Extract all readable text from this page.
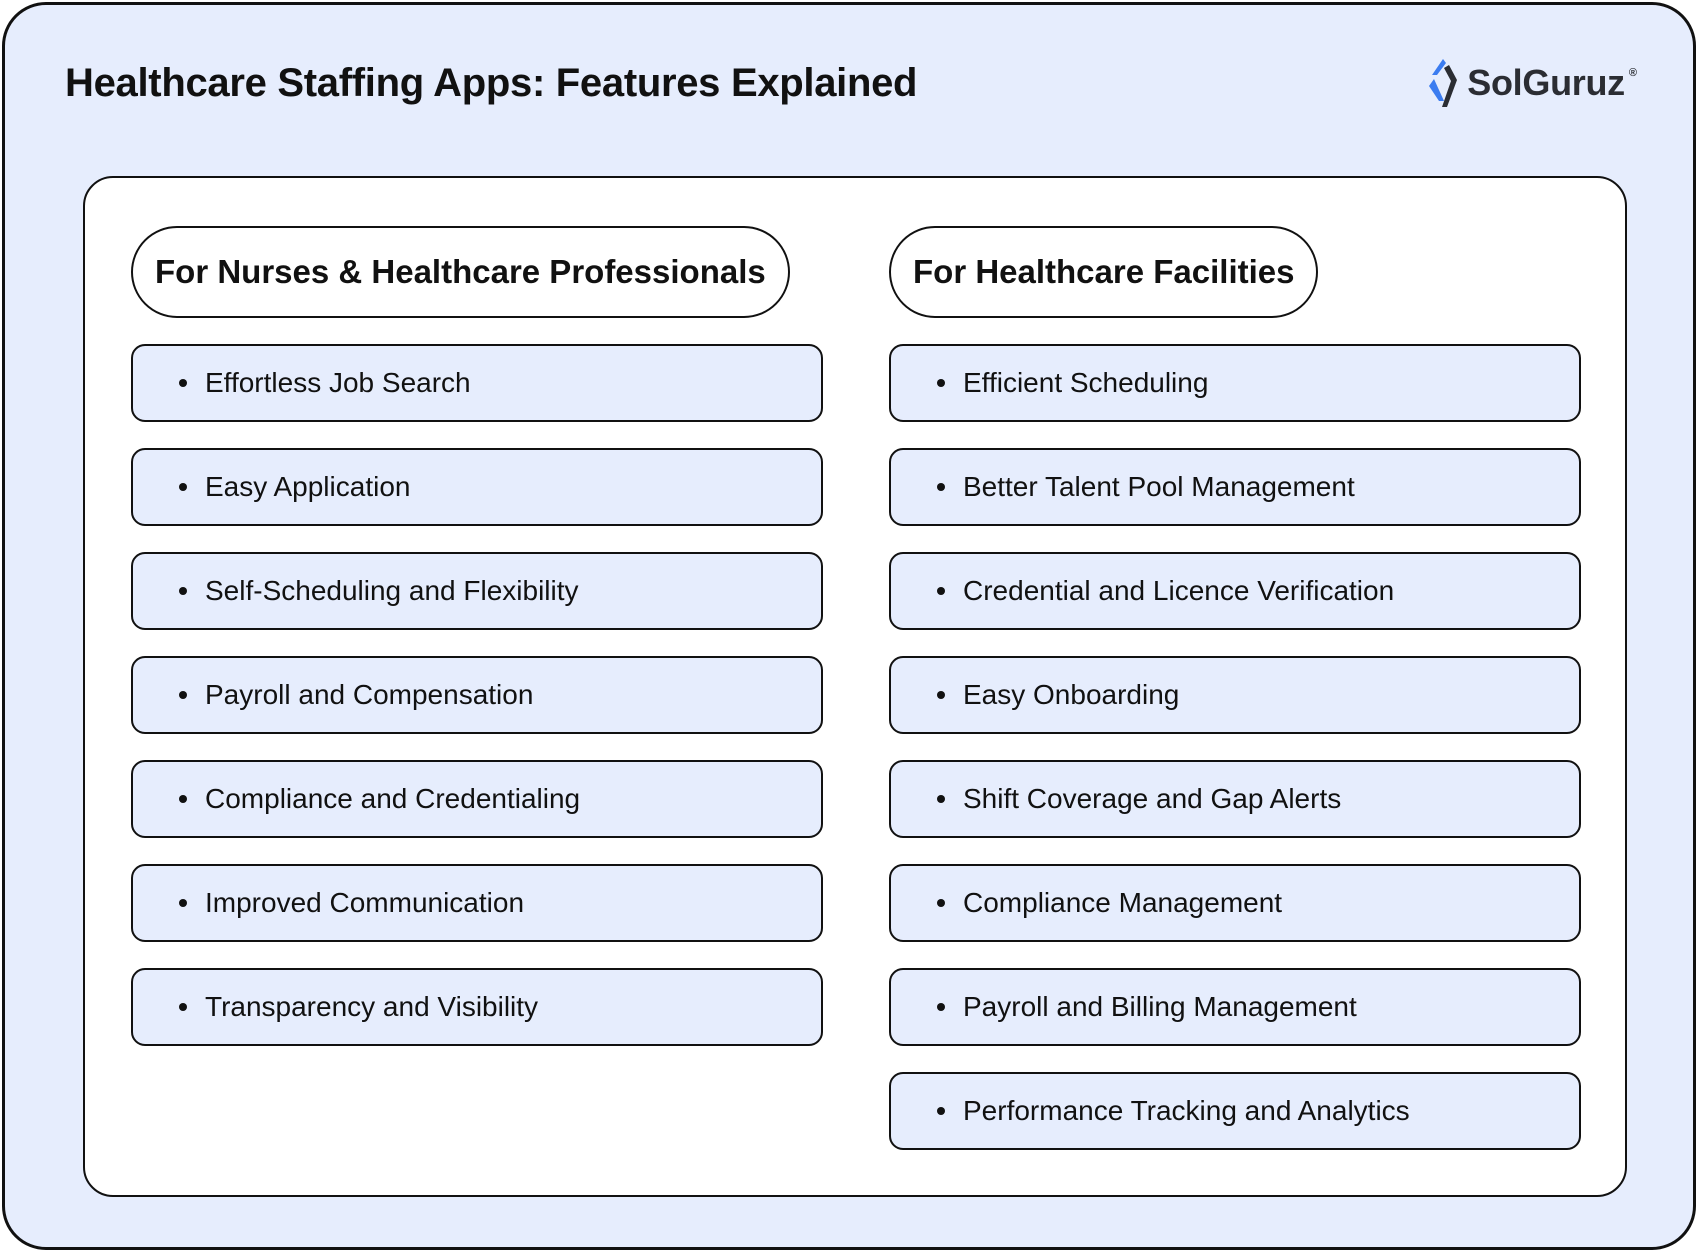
Healthcare Staffing Apps: Features Explained	SolGuruz ®
For Nurses & Healthcare Professionals
Effortless Job Search
Easy Application
Self-Scheduling and Flexibility
Payroll and Compensation
Compliance and Credentialing
Improved Communication
Transparency and Visibility
For Healthcare Facilities
Efficient Scheduling
Better Talent Pool Management
Credential and Licence Verification
Easy Onboarding
Shift Coverage and Gap Alerts
Compliance Management
Payroll and Billing Management
Performance Tracking and Analytics
